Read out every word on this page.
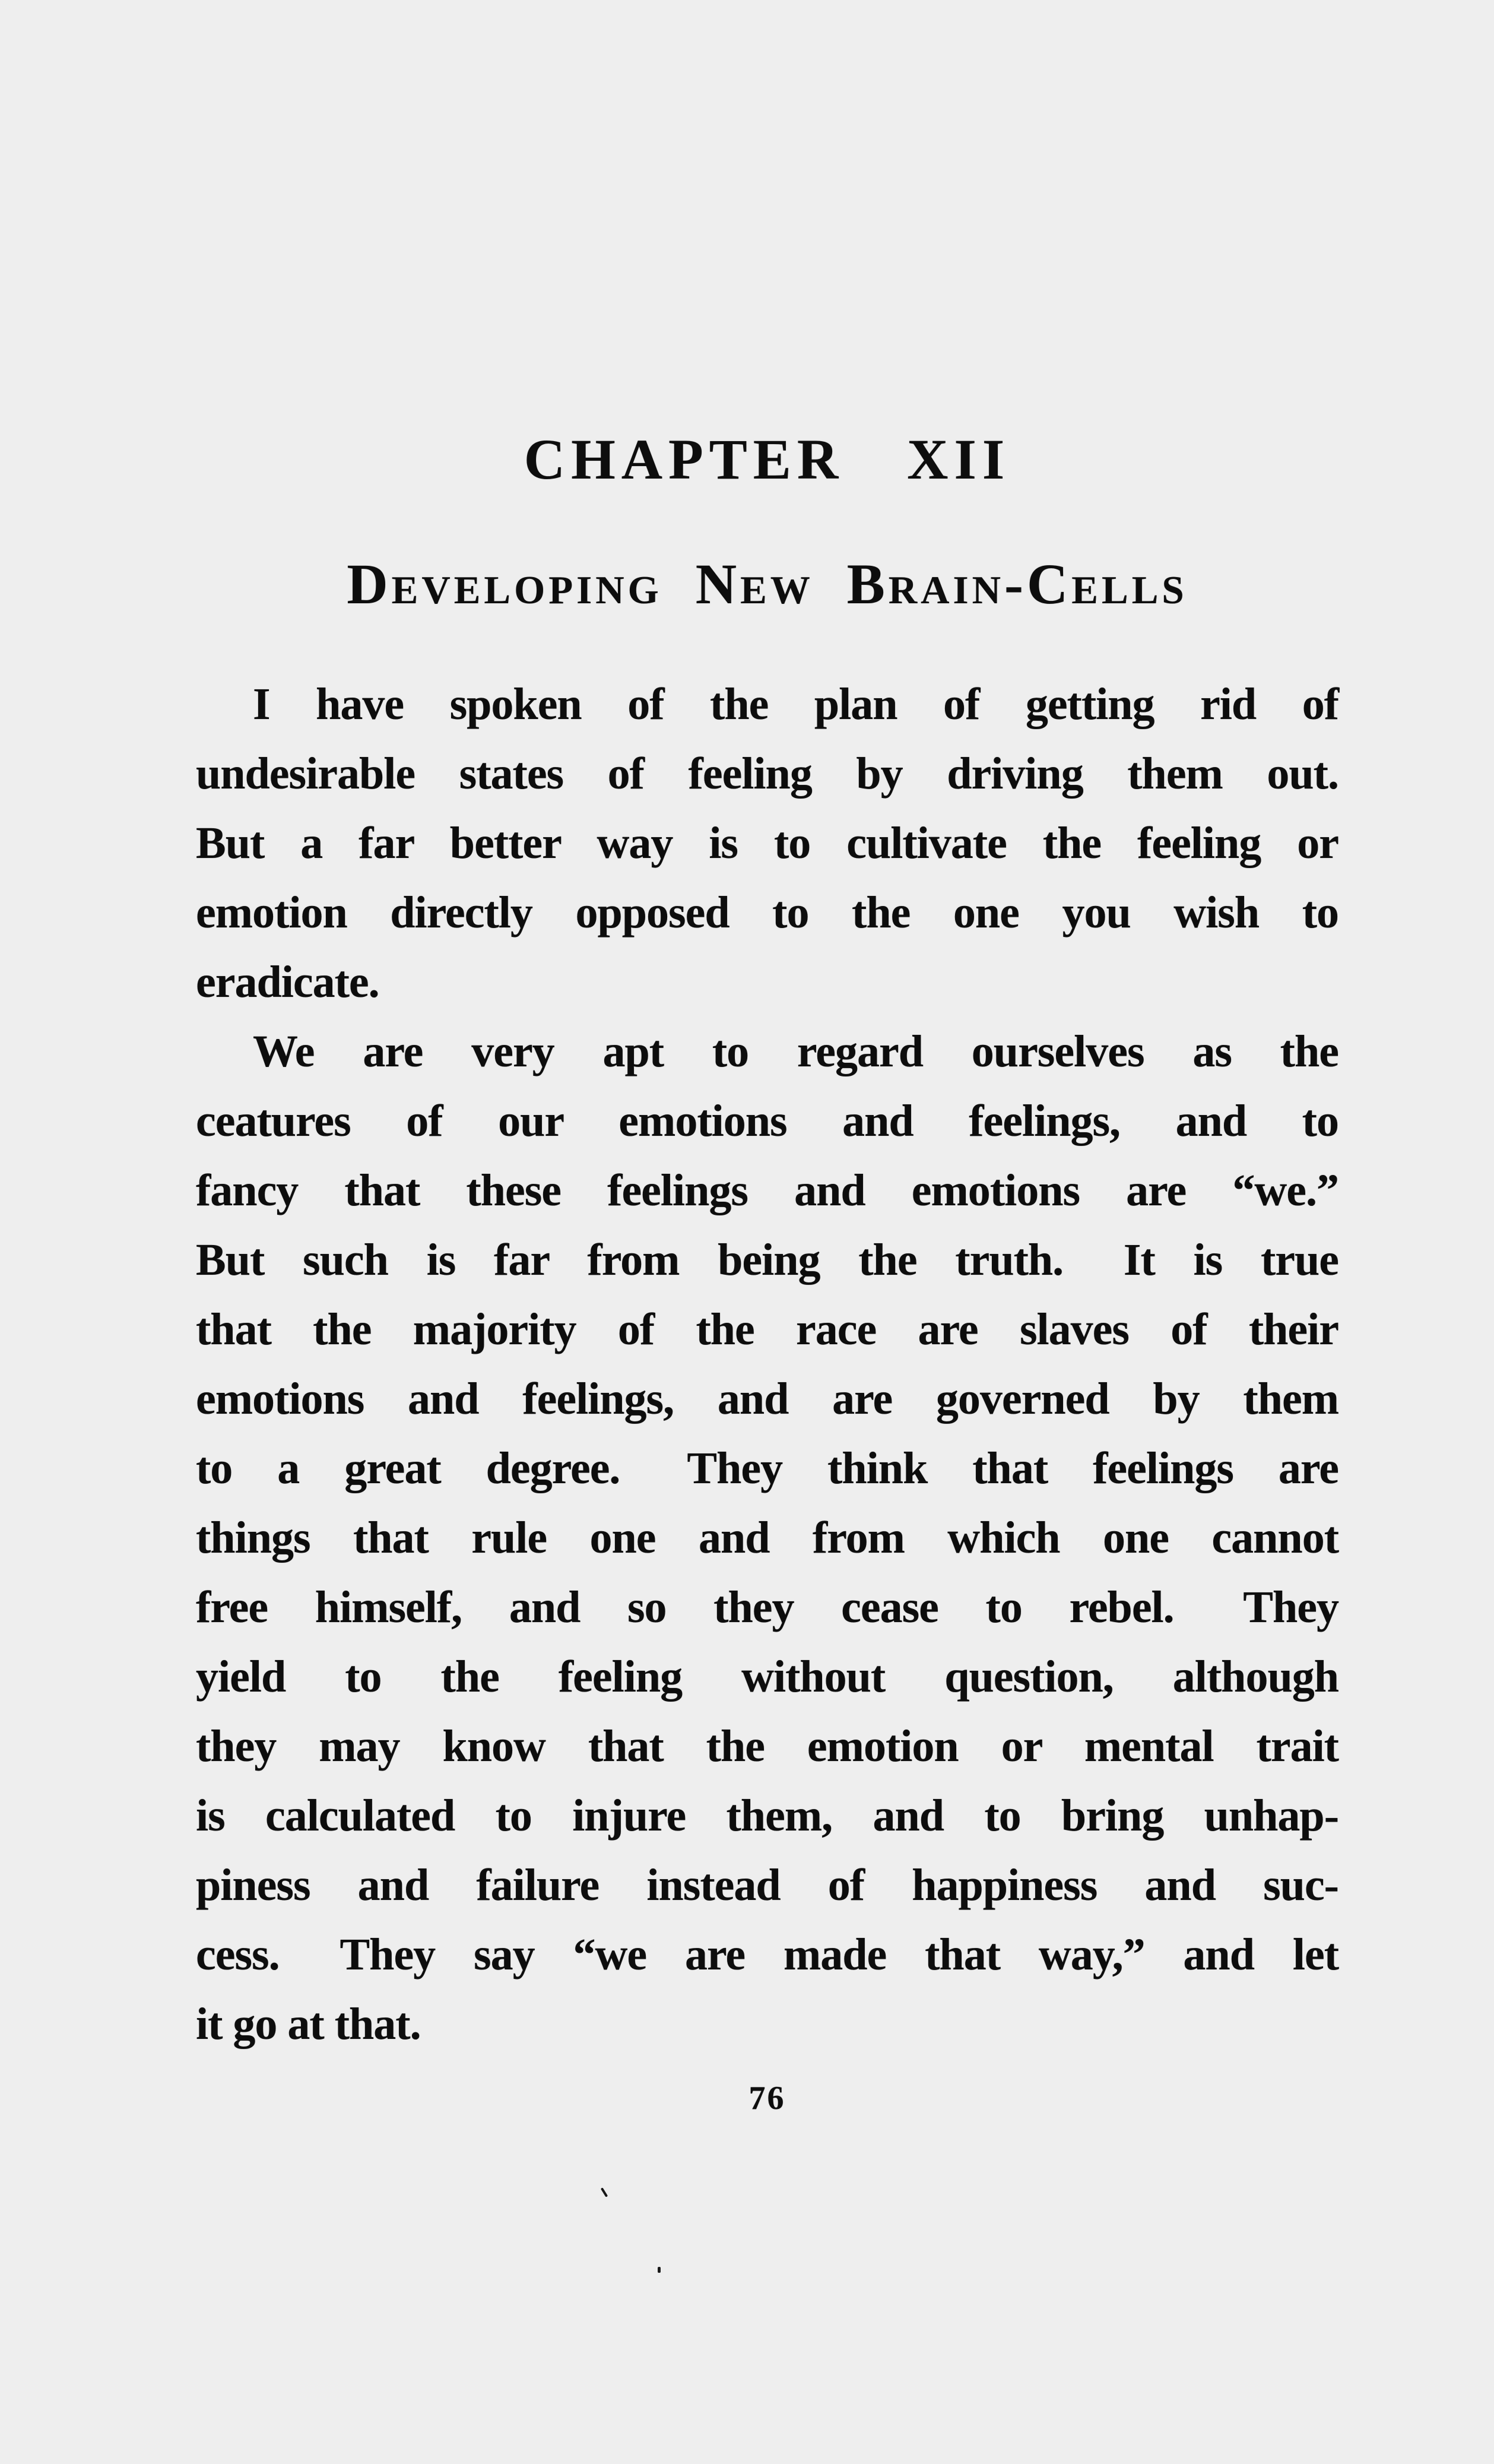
CHAPTER XII
Developing New Brain-Cells
I have spoken of the plan of getting rid of
undesirable states of feeling by driving them out.
But a far better way is to cultivate the feeling or
emotion directly opposed to the one you wish to
eradicate.
We are very apt to regard ourselves as the
ceatures of our emotions and feelings, and to
fancy that these feelings and emotions are “we.”
But such is far from being the truth.  It is true
that the majority of the race are slaves of their
emotions and feelings, and are governed by them
to a great degree.  They think that feelings are
things that rule one and from which one cannot
free himself, and so they cease to rebel.  They
yield to the feeling without question, although
they may know that the emotion or mental trait
is calculated to injure them, and to bring unhap-
piness and failure instead of happiness and suc-
cess.  They say “we are made that way,” and let
it go at that.
76
